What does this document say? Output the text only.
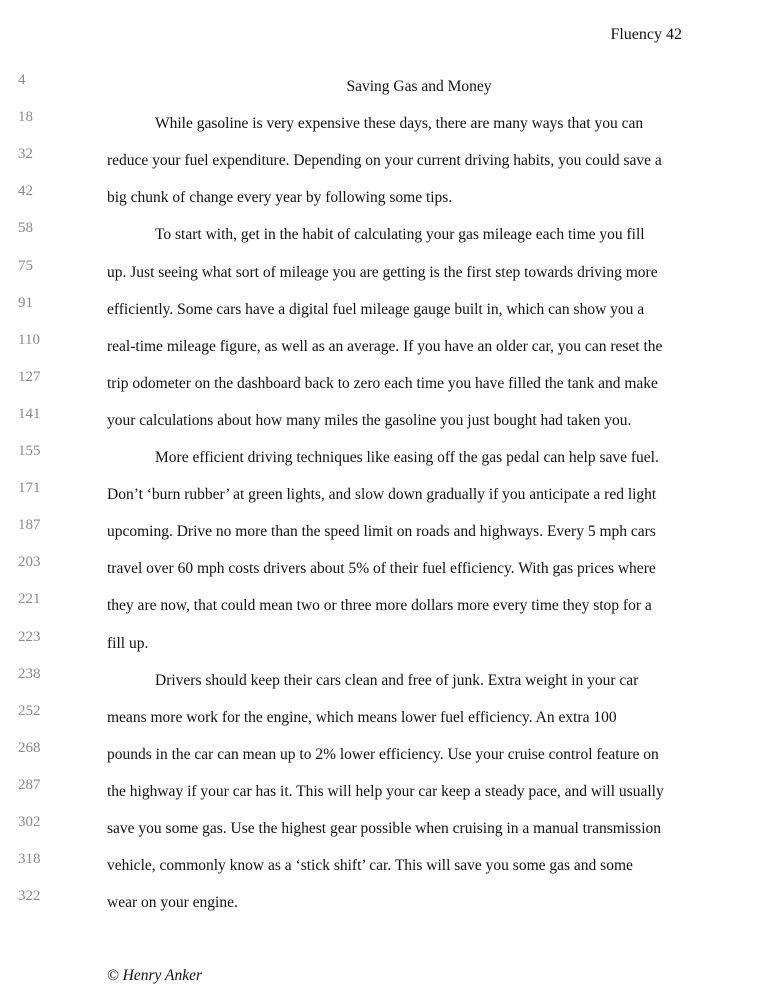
Fluency 42
4	Saving Gas and Money
18	While gasoline is very expensive these days, there are many ways that you can
32	reduce your fuel expenditure. Depending on your current driving habits, you could save a
42	big chunk of change every year by following some tips.
58	To start with, get in the habit of calculating your gas mileage each time you fill
75	up. Just seeing what sort of mileage you are getting is the first step towards driving more
91	efficiently. Some cars have a digital fuel mileage gauge built in, which can show you a
110	real-time mileage figure, as well as an average. If you have an older car, you can reset the
127	trip odometer on the dashboard back to zero each time you have filled the tank and make
141	your calculations about how many miles the gasoline you just bought had taken you.
155	More efficient driving techniques like easing off the gas pedal can help save fuel.
171	Don’t ‘burn rubber’ at green lights, and slow down gradually if you anticipate a red light
187	upcoming. Drive no more than the speed limit on roads and highways. Every 5 mph cars
203	travel over 60 mph costs drivers about 5% of their fuel efficiency. With gas prices where
221	they are now, that could mean two or three more dollars more every time they stop for a
223	fill up.
238	Drivers should keep their cars clean and free of junk. Extra weight in your car
252	means more work for the engine, which means lower fuel efficiency. An extra 100
268	pounds in the car can mean up to 2% lower efficiency. Use your cruise control feature on
287	the highway if your car has it. This will help your car keep a steady pace, and will usually
302	save you some gas. Use the highest gear possible when cruising in a manual transmission
318	vehicle, commonly know as a ‘stick shift’ car. This will save you some gas and some
322	wear on your engine.
© Henry Anker
